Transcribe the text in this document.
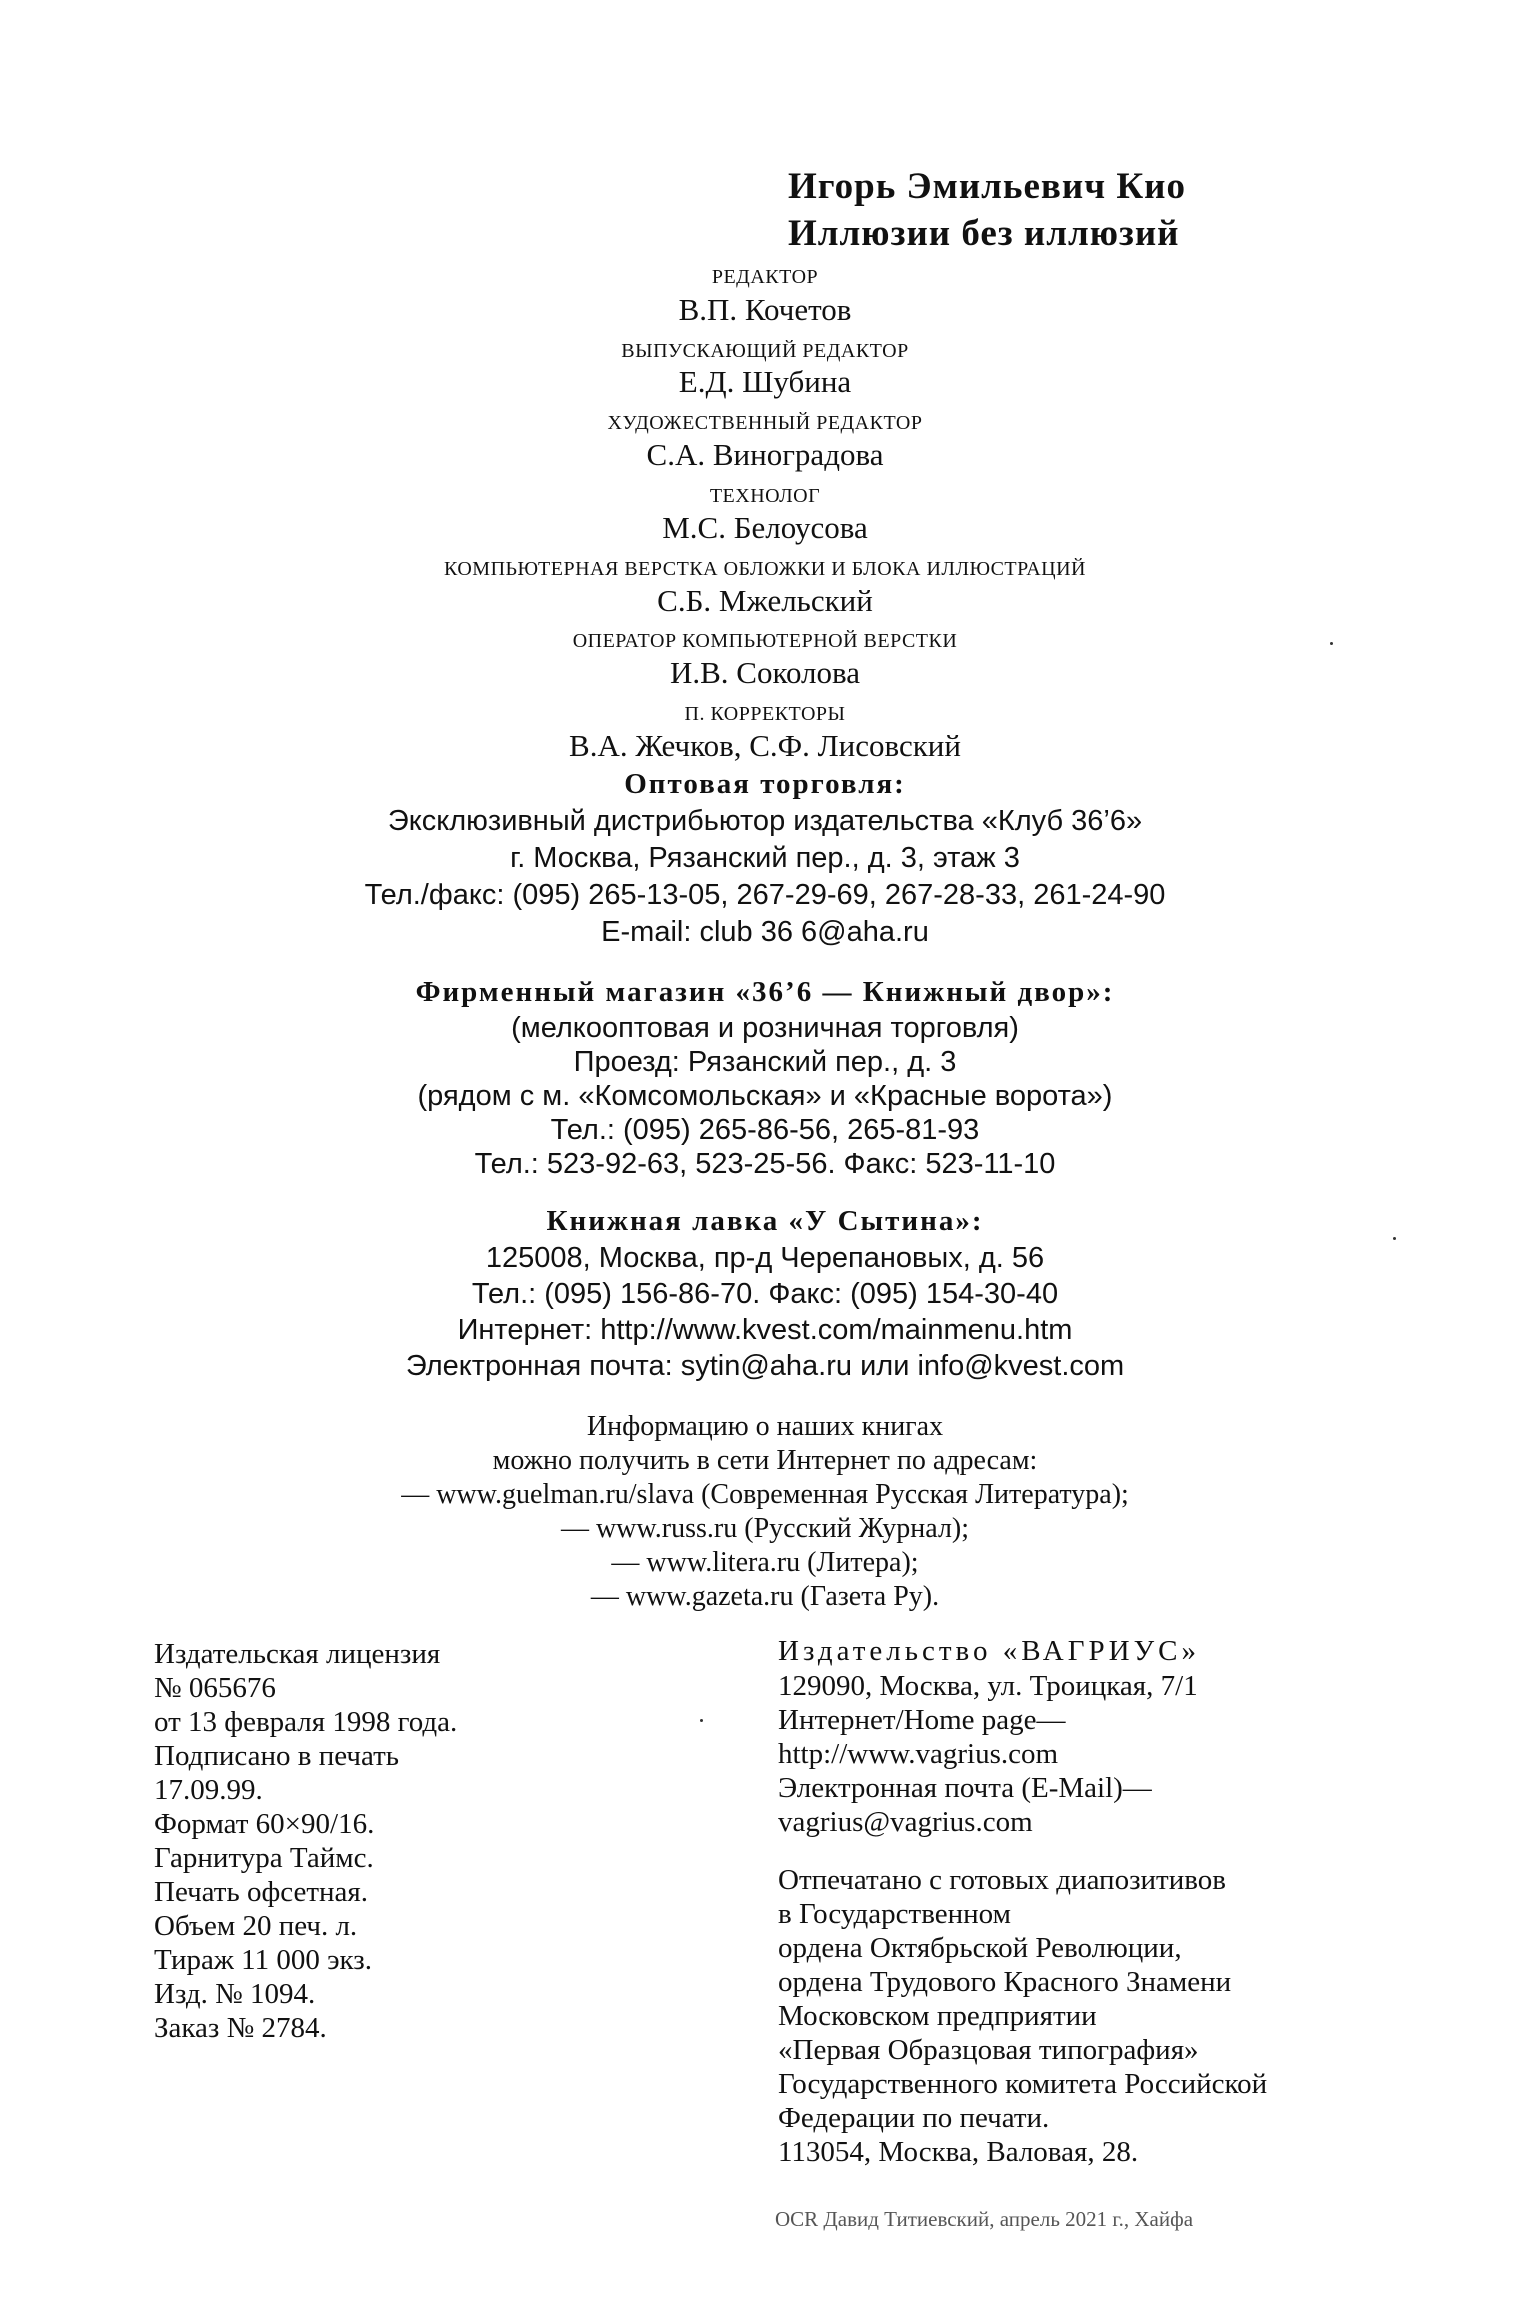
Игорь Эмильевич Кио
Иллюзии без иллюзий
РЕДАКТОР
В.П. Кочетов
ВЫПУСКАЮЩИЙ РЕДАКТОР
Е.Д. Шубина
ХУДОЖЕСТВЕННЫЙ РЕДАКТОР
С.А. Виноградова
ТЕХНОЛОГ
М.С. Белоусова
КОМПЬЮТЕРНАЯ ВЕРСТКА ОБЛОЖКИ И БЛОКА ИЛЛЮСТРАЦИЙ
С.Б. Мжельский
ОПЕРАТОР КОМПЬЮТЕРНОЙ ВЕРСТКИ
И.В. Соколова
П. КОРРЕКТОРЫ
В.А. Жечков, С.Ф. Лисовский
Оптовая торговля:
Эксклюзивный дистрибьютор издательства «Клуб 36’6»
г. Москва, Рязанский пер., д. 3, этаж 3
Тел./факс: (095) 265-13-05, 267-29-69, 267-28-33, 261-24-90
E-mail: club 36 6@aha.ru
Фирменный магазин «36’6 — Книжный двор»:
(мелкооптовая и розничная торговля)
Проезд: Рязанский пер., д. 3
(рядом с м. «Комсомольская» и «Красные ворота»)
Тел.: (095) 265-86-56, 265-81-93
Тел.: 523-92-63, 523-25-56. Факс: 523-11-10
Книжная лавка «У Сытина»:
125008, Москва, пр-д Черепановых, д. 56
Тел.: (095) 156-86-70. Факс: (095) 154-30-40
Интернет: http://www.kvest.com/mainmenu.htm
Электронная почта: sytin@aha.ru или info@kvest.com
Информацию о наших книгах
можно получить в сети Интернет по адресам:
— www.guelman.ru/slava (Современная Русская Литература);
— www.russ.ru (Русский Журнал);
— www.litera.ru (Литера);
— www.gazeta.ru (Газета Ру).
Издательская лицензия
№ 065676
от 13 февраля 1998 года.
Подписано в печать
17.09.99.
Формат 60×90/16.
Гарнитура Таймс.
Печать офсетная.
Объем 20 печ. л.
Тираж 11 000 экз.
Изд. № 1094.
Заказ № 2784.
Издательство «ВАГРИУС»
129090, Москва, ул. Троицкая, 7/1
Интернет/Home page—
http://www.vagrius.com
Электронная почта (E-Mail)—
vagrius@vagrius.com
Отпечатано с готовых диапозитивов
в Государственном
ордена Октябрьской Революции,
ордена Трудового Красного Знамени
Московском предприятии
«Первая Образцовая типография»
Государственного комитета Российской
Федерации по печати.
113054, Москва, Валовая, 28.
OCR Давид Титиевский, апрель 2021 г., Хайфа
